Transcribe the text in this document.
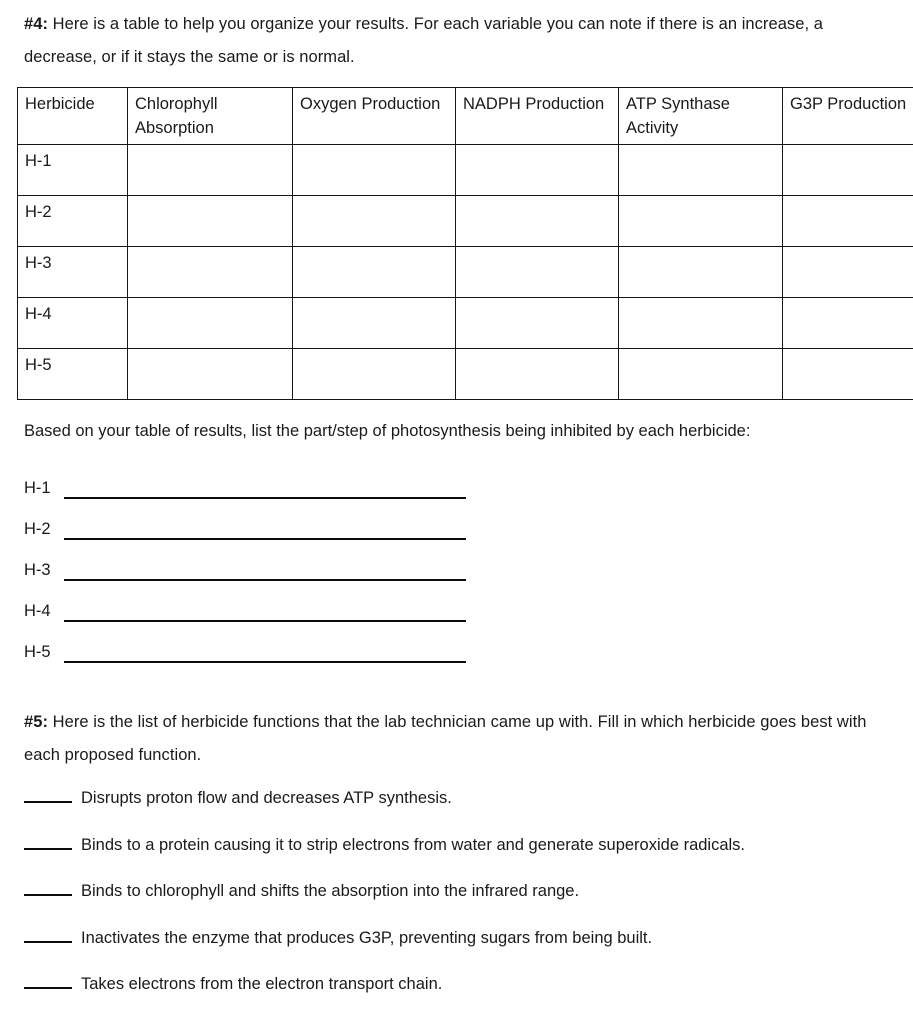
#4: Here is a table to help you organize your results. For each variable you can note if there is an increase, a decrease, or if it stays the same or is normal.
Herbicide	Chlorophyll Absorption	Oxygen Production	NADPH Production	ATP Synthase Activity	G3P Production
H-1					
H-2					
H-3					
H-4					
H-5					
Based on your table of results, list the part/step of photosynthesis being inhibited by each herbicide:
H-1
H-2
H-3
H-4
H-5
#5: Here is the list of herbicide functions that the lab technician came up with. Fill in which herbicide goes best with each proposed function.
Disrupts proton flow and decreases ATP synthesis.
Binds to a protein causing it to strip electrons from water and generate superoxide radicals.
Binds to chlorophyll and shifts the absorption into the infrared range.
Inactivates the enzyme that produces G3P, preventing sugars from being built.
Takes electrons from the electron transport chain.
